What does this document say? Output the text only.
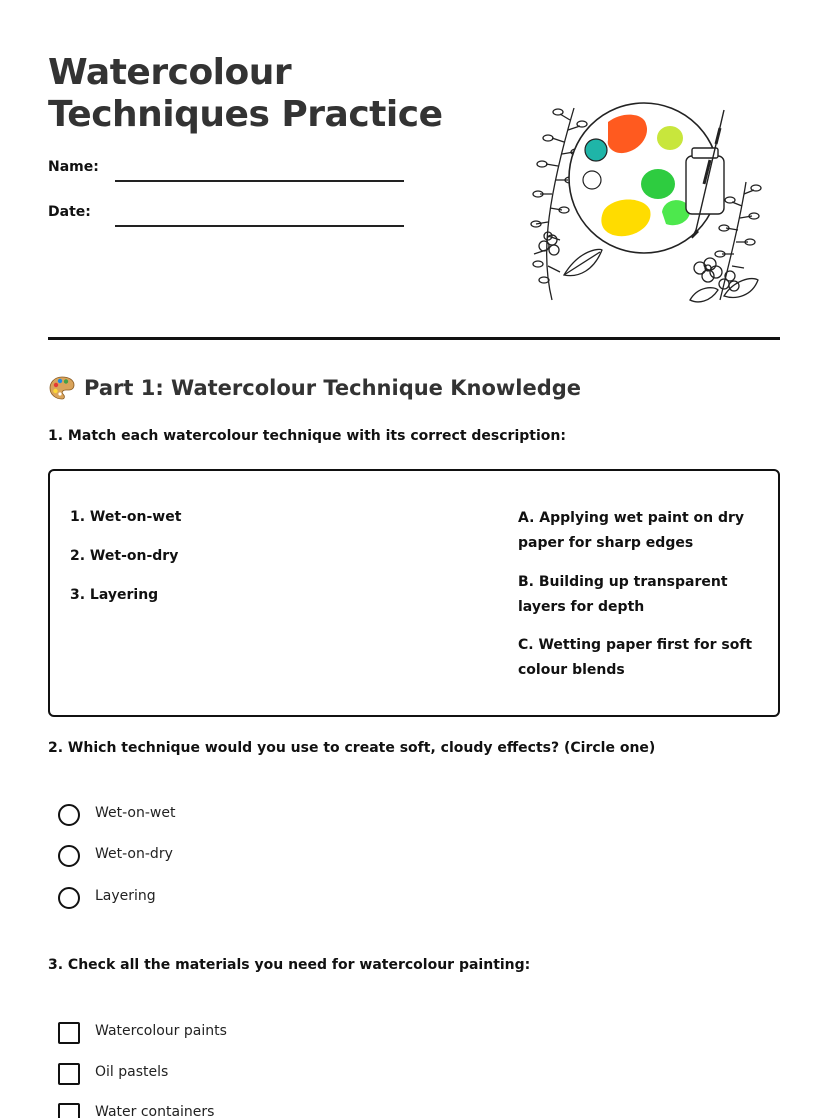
Watercolour Techniques Practice
Name:
Date:
Part 1: Watercolour Technique Knowledge
1. Match each watercolour technique with its correct description:
1. Wet-on-wet
2. Wet-on-dry
3. Layering
A. Applying wet paint on dry paper for sharp edges
B. Building up transparent layers for depth
C. Wetting paper first for soft colour blends
2. Which technique would you use to create soft, cloudy effects? (Circle one)
Wet-on-wet
Wet-on-dry
Layering
3. Check all the materials you need for watercolour painting:
Watercolour paints
Oil pastels
Water containers
